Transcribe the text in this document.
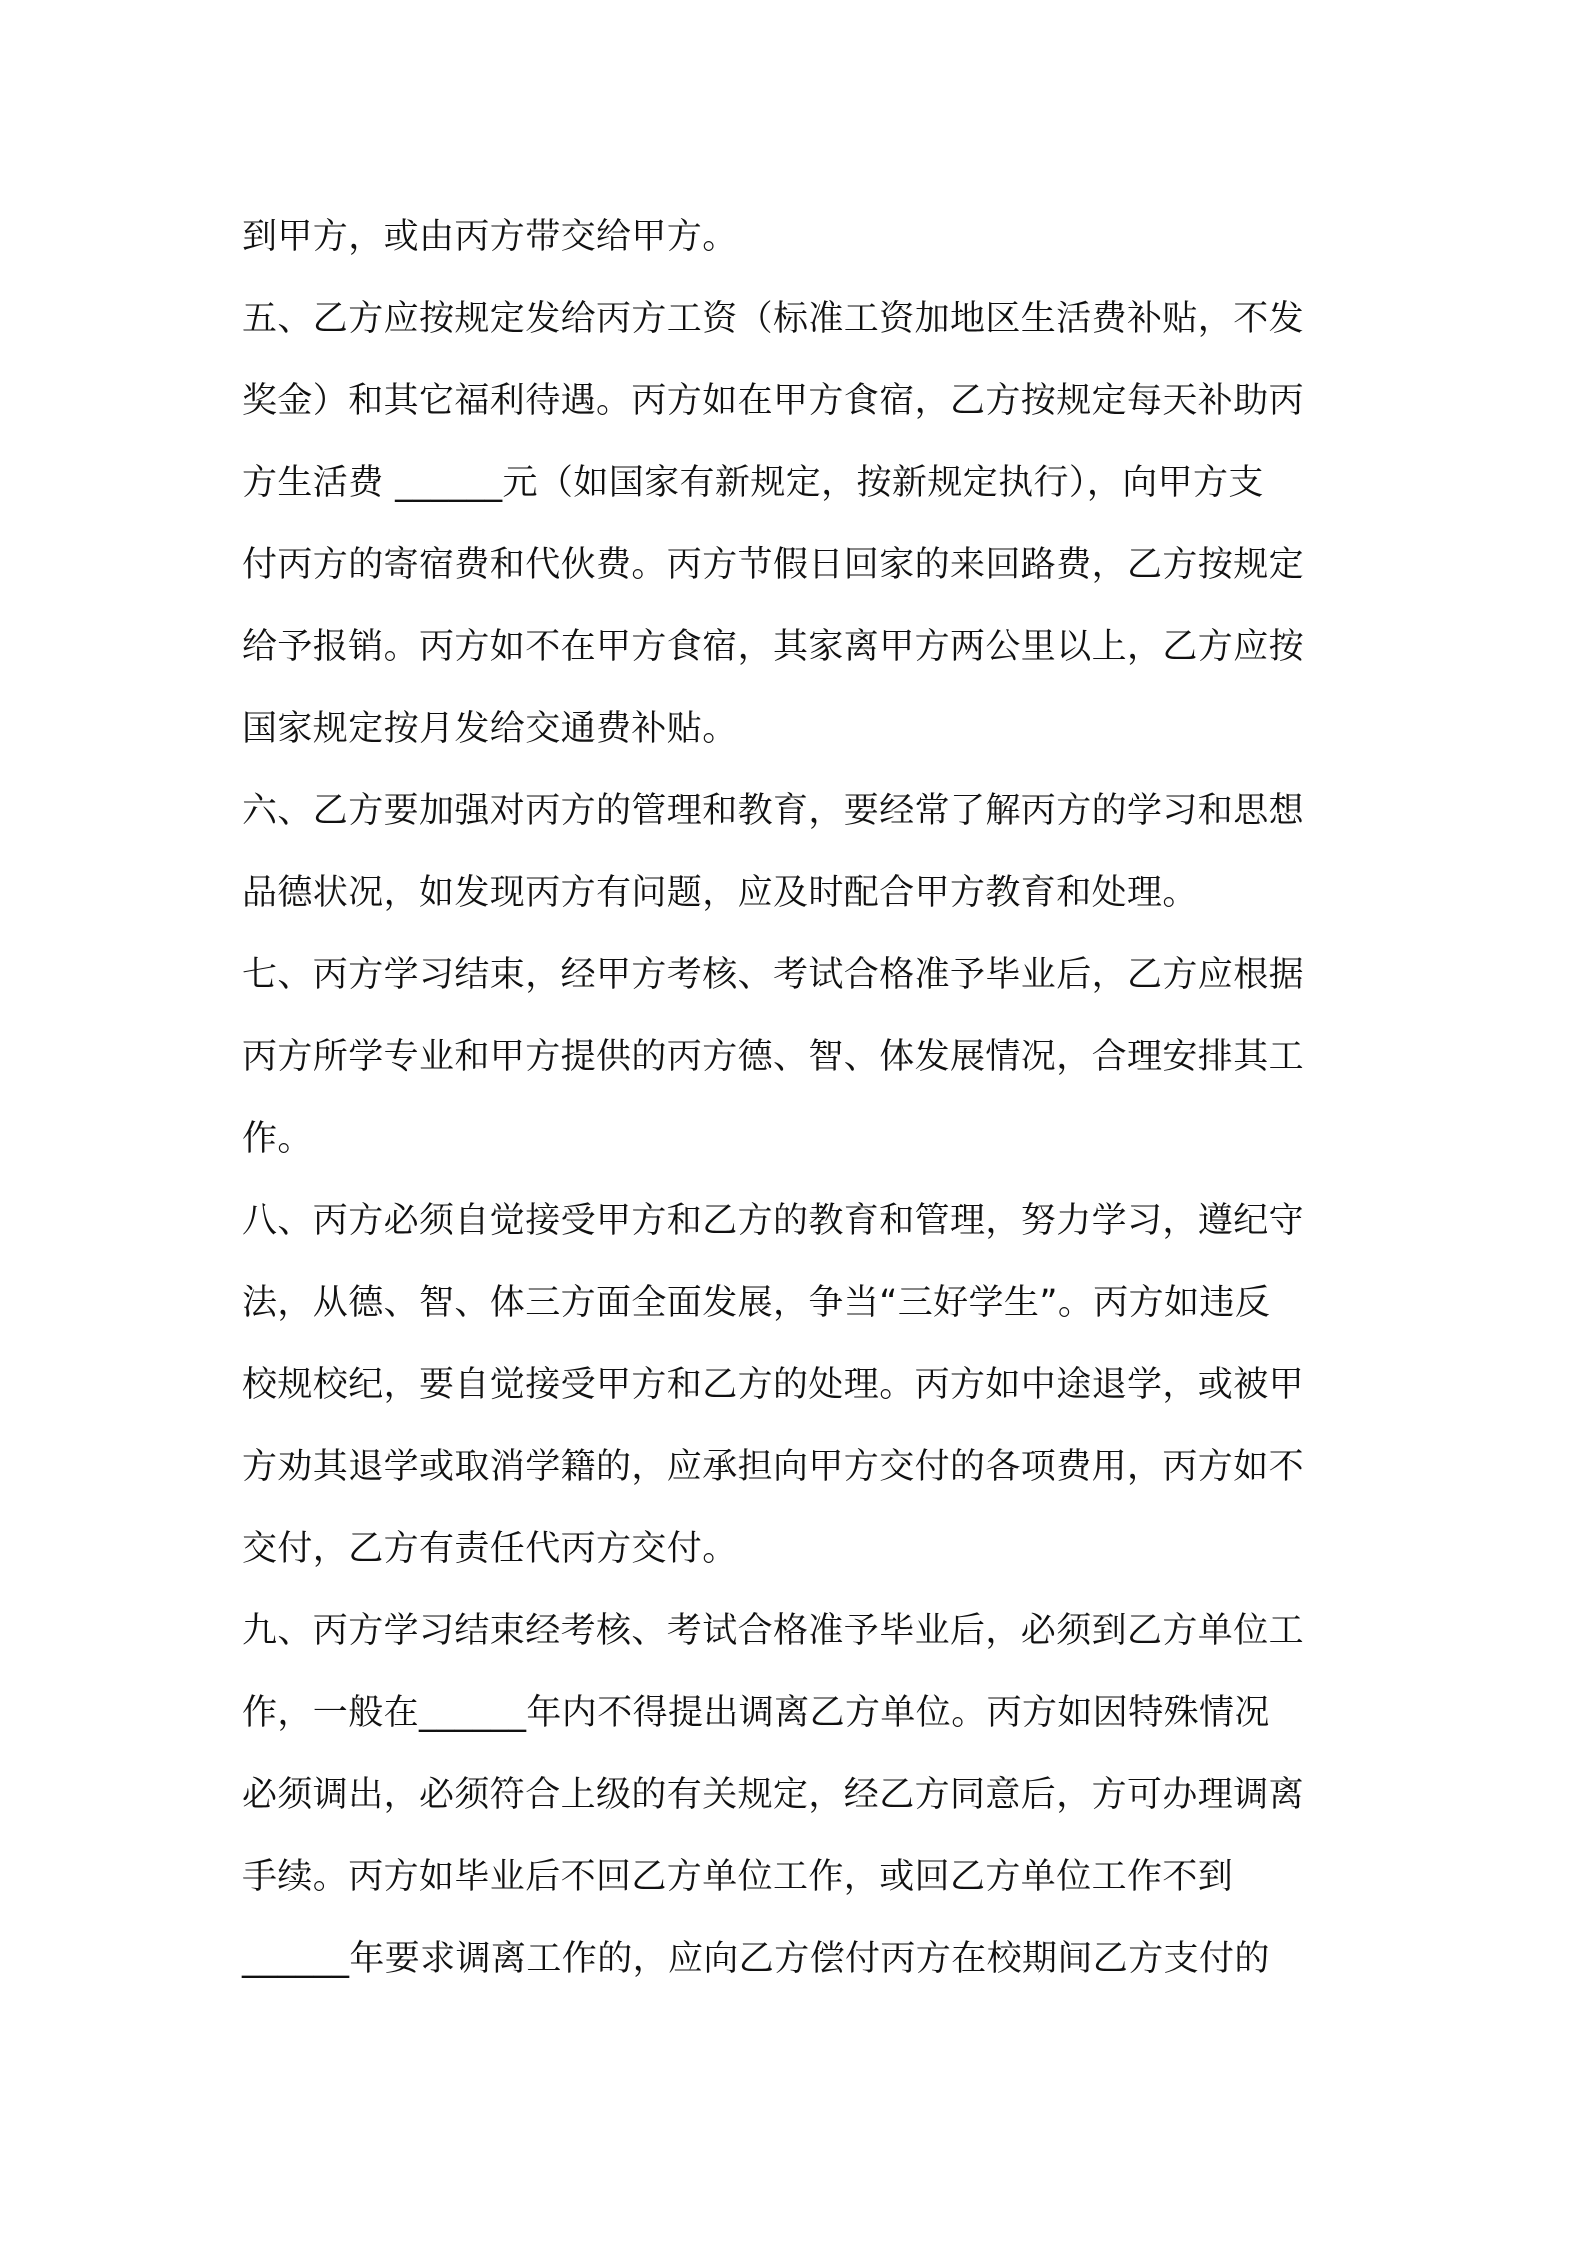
到甲方，或由丙方带交给甲方。
五、乙方应按规定发给丙方工资（标准工资加地区生活费补贴，不发
奖金）和其它福利待遇。丙方如在甲方食宿，乙方按规定每天补助丙
方生活费 ______元（如国家有新规定，按新规定执行），向甲方支
付丙方的寄宿费和代伙费。丙方节假日回家的来回路费，乙方按规定
给予报销。丙方如不在甲方食宿，其家离甲方两公里以上，乙方应按
国家规定按月发给交通费补贴。
六、乙方要加强对丙方的管理和教育，要经常了解丙方的学习和思想
品德状况，如发现丙方有问题，应及时配合甲方教育和处理。
七、丙方学习结束，经甲方考核、考试合格准予毕业后，乙方应根据
丙方所学专业和甲方提供的丙方德、智、体发展情况，合理安排其工
作。
八、丙方必须自觉接受甲方和乙方的教育和管理，努力学习，遵纪守
法，从德、智、体三方面全面发展，争当“三好学生”。丙方如违反
校规校纪，要自觉接受甲方和乙方的处理。丙方如中途退学，或被甲
方劝其退学或取消学籍的，应承担向甲方交付的各项费用，丙方如不
交付，乙方有责任代丙方交付。
九、丙方学习结束经考核、考试合格准予毕业后，必须到乙方单位工
作，一般在______年内不得提出调离乙方单位。丙方如因特殊情况
必须调出，必须符合上级的有关规定，经乙方同意后，方可办理调离
手续。丙方如毕业后不回乙方单位工作，或回乙方单位工作不到
______年要求调离工作的，应向乙方偿付丙方在校期间乙方支付的
